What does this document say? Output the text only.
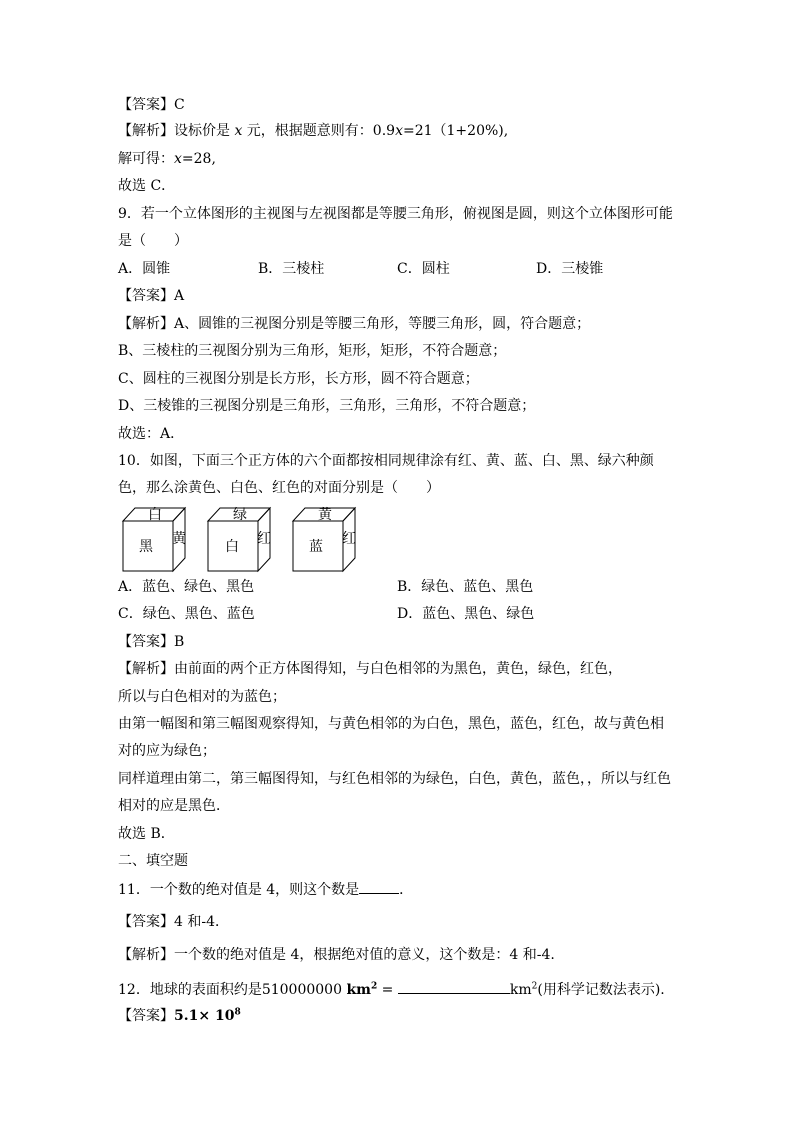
【答案】C
【解析】设标价是 x 元，根据题意则有：0.9x=21（1+20%),
解可得：x=28,
故选 C．
9．若一个立体图形的主视图与左视图都是等腰三角形，俯视图是圆，则这个立体图形可能
是（　　）
A．圆锥	B．三棱柱	C．圆柱	D．三棱锥
【答案】A
【解析】A、圆锥的三视图分别是等腰三角形，等腰三角形，圆，符合题意；
B、三棱柱的三视图分别为三角形，矩形，矩形，不符合题意；
C、圆柱的三视图分别是长方形，长方形，圆不符合题意；
D、三棱锥的三视图分别是三角形，三角形，三角形，不符合题意；
故选：A．
10．如图，下面三个正方体的六个面都按相同规律涂有红、黄、蓝、白、黑、绿六种颜
色，那么涂黄色、白色、红色的对面分别是（　　）
白
黑 黄
绿
白 红
黄
蓝 红
A．蓝色、绿色、黑色	B．绿色、蓝色、黑色
C．绿色、黑色、蓝色	D．蓝色、黑色、绿色
【答案】B
【解析】由前面的两个正方体图得知，与白色相邻的为黑色，黄色，绿色，红色，
所以与白色相对的为蓝色；
由第一幅图和第三幅图观察得知，与黄色相邻的为白色，黑色，蓝色，红色，故与黄色相
对的应为绿色；
同样道理由第二，第三幅图得知，与红色相邻的为绿色，白色，黄色，蓝色，，所以与红色
相对的应是黑色．
故选 B．
二、填空题
11．一个数的绝对值是 4，则这个数是	．
【答案】4 和-4．
【解析】一个数的绝对值是 4，根据绝对值的意义，这个数是：4 和-4.
12．地球的表面积约是510000000 $km^2$ =	$km^2$(用科学记数法表示).
【答案】$5.1\times 10^8$
